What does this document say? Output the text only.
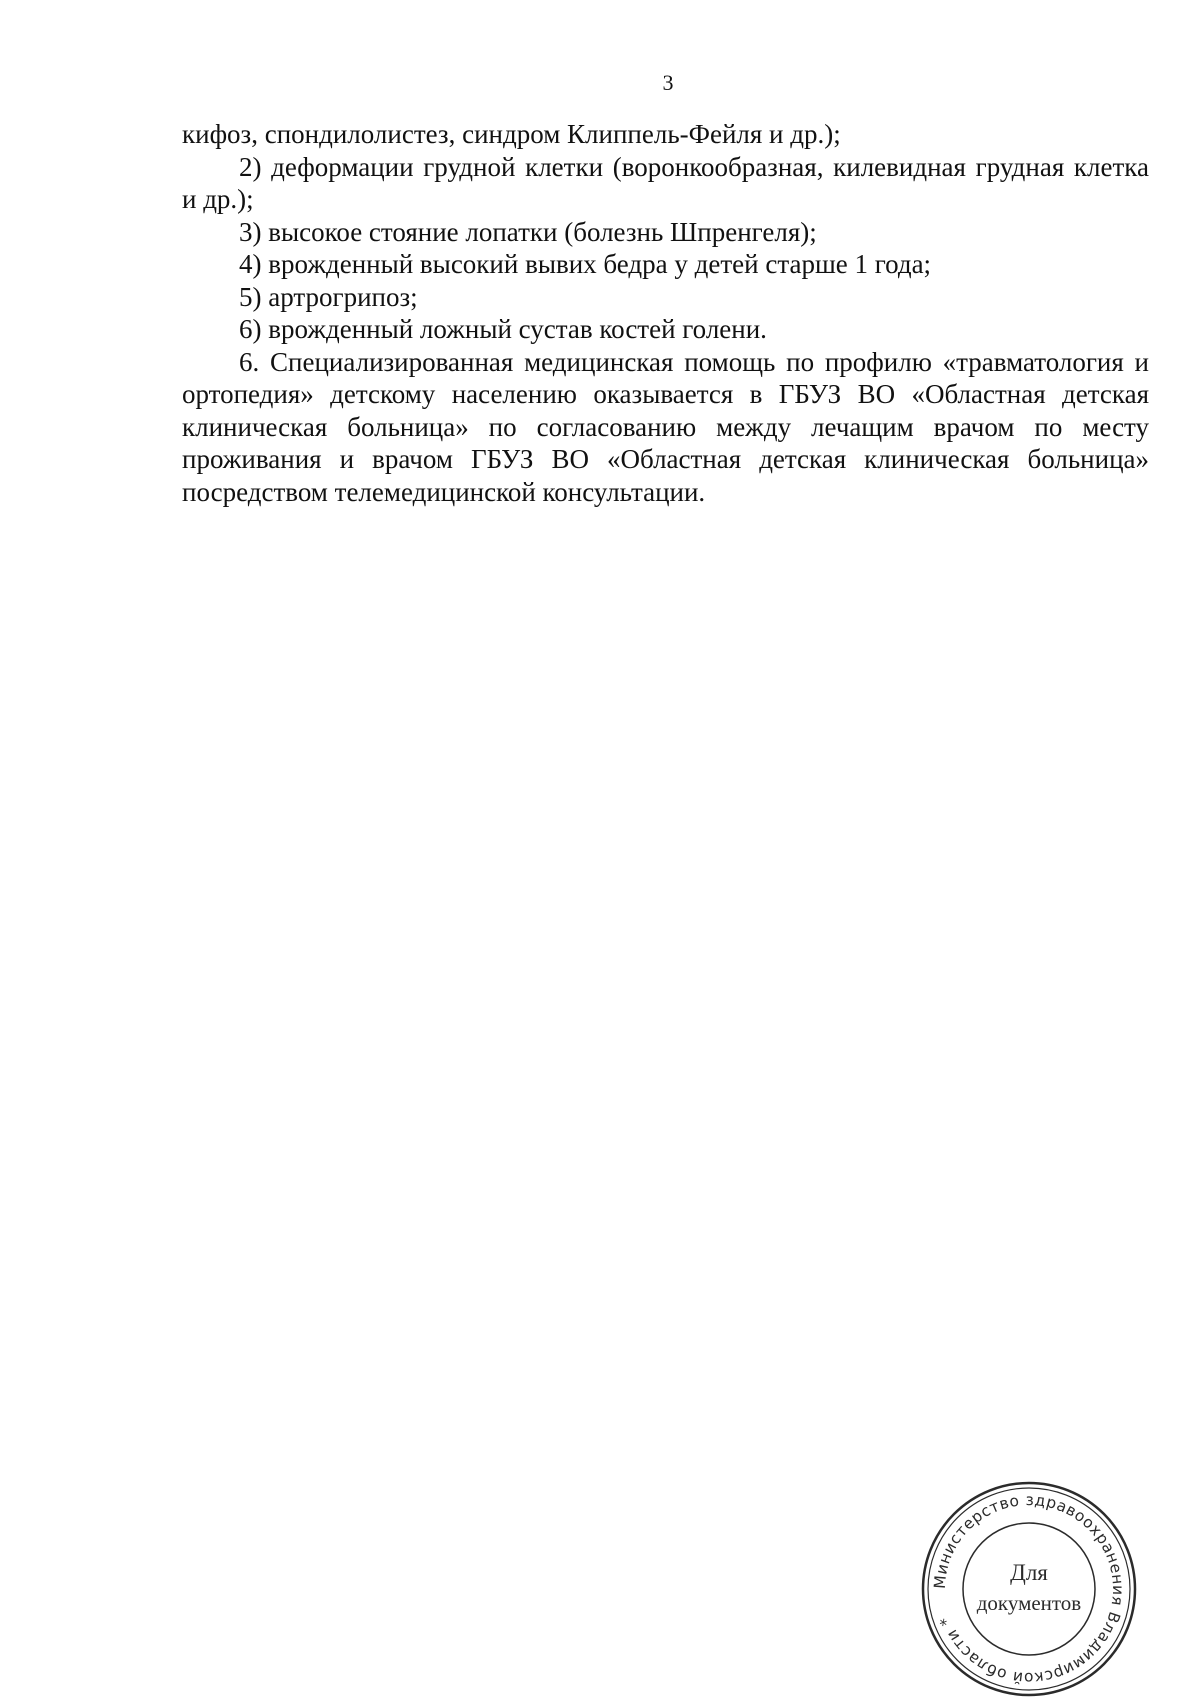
3

кифоз, спондилолистез, синдром Клиппель-Фейля и др.);

2) деформации грудной клетки (воронкообразная, килевидная грудная клетка и др.);

3) высокое стояние лопатки (болезнь Шпренгеля);

4) врожденный высокий вывих бедра у детей старше 1 года;

5) артрогрипоз;

6) врожденный ложный сустав костей голени.

6. Специализированная медицинская помощь по профилю «травматология и ортопедия» детскому населению оказывается в ГБУЗ ВО «Областная детская клиническая больница» по согласованию между лечащим врачом по месту проживания и врачом ГБУЗ ВО «Областная детская клиническая больница» посредством телемедицинской консультации.

Министерство здравоохранения Владимирской области *
Для
документов
